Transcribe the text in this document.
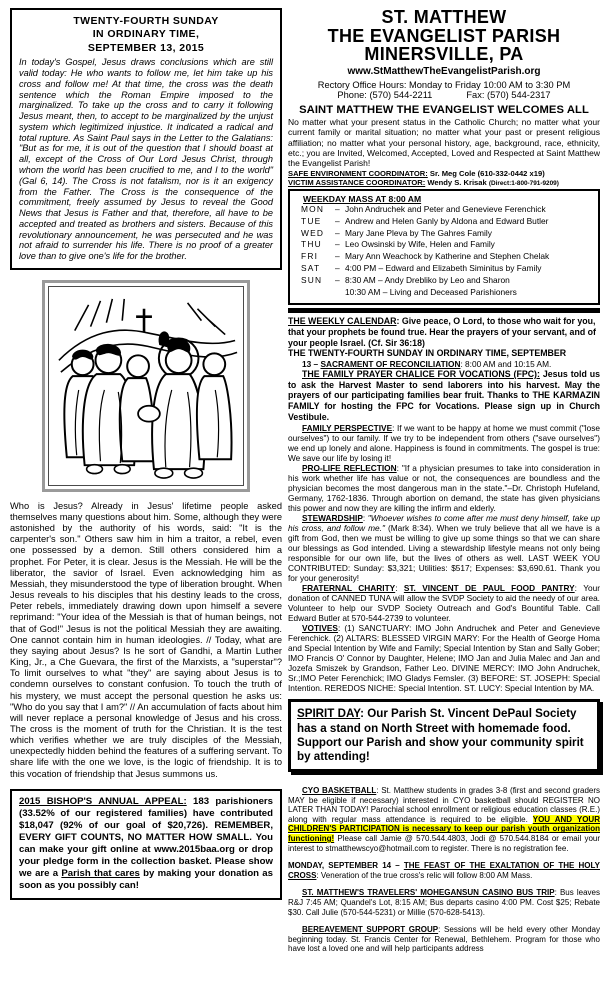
TWENTY-FOURTH SUNDAY
IN ORDINARY TIME,
SEPTEMBER 13, 2015
In today's Gospel, Jesus draws conclusions which are still valid today: He who wants to follow me, let him take up his cross and follow me! At that time, the cross was the death sentence which the Roman Empire imposed to the marginalized. To take up the cross and to carry it following Jesus meant, then, to accept to be marginalized by the unjust system which legitimized injustice. It indicated a radical and total rupture. As Saint Paul says in the Letter to the Galatians: "But as for me, it is out of the question that I should boast at all, except of the Cross of Our Lord Jesus Christ, through whom the world has been crucified to me, and I to the world" (Gal 6, 14). The Cross is not fatalism, nor is it an exigency from the Father. The Cross is the consequence of the commitment, freely assumed by Jesus to reveal the Good News that Jesus is Father and that, therefore, all have to be accepted and treated as brothers and sisters. Because of this revolutionary announcement, he was persecuted and he was not afraid to surrender his life. There is no proof of a greater love than to give one's life for the brother.
Who is Jesus? Already in Jesus' lifetime people asked themselves many questions about him. Some, although they were astonished by the authority of his words, said: "It is the carpenter's son." Others saw him in him a traitor, a rebel, even one possessed by a demon. Still others considered him a prophet. For Peter, it is clear. Jesus is the Messiah. He will be the liberator, the savior of Israel. Even acknowledging him as Messiah, they misunderstood the type of liberation brought. When Jesus reveals to his disciples that his destiny leads to the cross, Peter rebels, immediately drawing down upon himself a severe reprimand: "Your idea of the Messiah is that of human beings, not that of God!" Jesus is not the political Messiah they are awaiting. One cannot contain him in human ideologies. // Today, what are they saying about Jesus? Is he sort of Gandhi, a Martin Luther King, Jr., a Che Guevara, the first of the Marxists, a "superstar"? To limit ourselves to what "they" are saying about Jesus is to condemn ourselves to constant confusion. To touch the truth of his mystery, we must accept the personal question he asks us: "Who do you say that I am?" // An accumulation of facts about him will never replace a personal knowledge of Jesus and his cross. The cross is the moment of truth for the Christian. It is the test which verifies whether we are truly disciples of the Messiah, unexpectedly hidden behind the features of a suffering servant. To share life with the one we love, is the logic of friendship. It is to this vocation of friendship that Jesus summons us.
2015 BISHOP'S ANNUAL APPEAL: 183 parishioners (33.52% of our registered families) have contributed $18,047 (92% of our goal of $20,726). REMEMBER, EVERY GIFT COUNTS, NO MATTER HOW SMALL. You can make your gift online at www.2015baa.org or drop your pledge form in the collection basket. Please show we are a Parish that cares by making your donation as soon as you possibly can!
ST. MATTHEW
THE EVANGELIST PARISH
MINERSVILLE, PA
www.StMatthewTheEvangelistParish.org
Rectory Office Hours: Monday to Friday 10:00 AM to 3:30 PM
Phone: (570) 544-2211	Fax: (570) 544-2317
SAINT MATTHEW THE EVANGELIST WELCOMES ALL
No matter what your present status in the Catholic Church; no matter what your current family or marital situation; no matter what your past or present religious affiliation; no matter what your personal history, age, background, race, ethnicity, etc.; you are Invited, Welcomed, Accepted, Loved and Respected at Saint Matthew the Evangelist Parish!
SAFE ENVIRONMENT COORDINATOR: Sr. Meg Cole (610-332-0442 x19)
VICTIM ASSISTANCE COORDINATOR: Wendy S. Krisak (Direct:1-800-791-9209)
WEEKDAY MASS AT 8:00 AM
MON	– John Andruchek and Peter and Genevieve Ferenchick
TUE	– Andrew and Helen Ganly by Aldona and Edward Butler
WED	– Mary Jane Pleva by The Gahres Family
THU	– Leo Owsinski by Wife, Helen and Family
FRI	– Mary Ann Weachock by Katherine and Stephen Chelak
SAT	– 4:00 PM – Edward and Elizabeth Siminitus by Family
SUN	– 8:30 AM – Andy Drebliko by Leo and Sharon
10:30 AM – Living and Deceased Parishioners
THE WEEKLY CALENDAR: Give peace, O Lord, to those who wait for you, that your prophets be found true. Hear the prayers of your servant, and of your people Israel. (Cf. Sir 36:18)
THE TWENTY-FOURTH SUNDAY IN ORDINARY TIME, SEPTEMBER
13 – SACRAMENT OF RECONCILIATION: 8:00 AM and 10:15 AM.
THE FAMILY PRAYER CHALICE FOR VOCATIONS (FPC): Jesus told us to ask the Harvest Master to send laborers into his harvest. May the prayers of our participating families bear fruit. Thanks to THE KARMAZIN FAMILY for hosting the FPC for Vocations. Please sign up in Church Vestibule.

FAMILY PERSPECTIVE: If we want to be happy at home we must commit ("lose ourselves") to our family. If we try to be independent from others ("save ourselves") we end up lonely and alone. Happiness is found in commitments. The gospel is true: We save our life by losing it!

PRO-LIFE REFLECTION: "If a physician presumes to take into consideration in his work whether life has value or not, the consequences are boundless and the physician becomes the most dangerous man in the state."–Dr. Christoph Hufeland, Germany, 1762-1836. Through abortion on demand, the state has given physicians this power and now they are killing the infirm and elderly.

STEWARDSHIP: "Whoever wishes to come after me must deny himself, take up his cross, and follow me." (Mark 8:34). When we truly believe that all we have is a gift from God, then we must be willing to give up some things so that we can share our blessings as God intended. Living a stewardship lifestyle means not only being responsible for our own life, but the lives of others as well. LAST WEEK YOU CONTRIBUTED: Sunday: $3,321; Utilities: $517; Expenses: $3,690.61. Thank you for your generosity!

FRATERNAL CHARITY: ST. VINCENT DE PAUL FOOD PANTRY: Your donation of CANNED TUNA will allow the SVDP Society to aid the needy of our area. Volunteer to help our SVDP Society Outreach and God's Bountiful Table. Call Edward Butler at 570-544-2739 to volunteer.

VOTIVES: (1) SANCTUARY: IMO John Andruchek and Peter and Genevieve Ferenchick. (2) ALTARS: BLESSED VIRGIN MARY: For the Health of George Homa and Special Intention by Wife and Family; Special Intention by Stan and Sally Gober; IMO Francis O' Connor by Daughter, Helene; IMO Jan and Julia Malec and Jan and Jozefa Smiszek by Grandson, Father Leo. DIVINE MERCY: IMO John Andruchek, Sr.;IMO Peter Ferenchick; IMO Gladys Femsler. (3) BEFORE: ST. JOSEPH: Special Intention. REREDOS NICHE: Special Intention. ST. LUCY: Special Intention by MA.

SPIRIT DAY: Our Parish St. Vincent DePaul Society has a stand on North Street with homemade food. Support our Parish and show your community spirit by attending!

CYO BASKETBALL: St. Matthew students in grades 3-8 (first and second graders MAY be eligible if necessary) interested in CYO basketball should REGISTER NO LATER THAN TODAY! Parochial school enrollment or religious education classes (R.E.) along with regular mass attendance is required to be eligible. YOU AND YOUR CHILDREN'S PARTICIPATION is necessary to keep our parish youth organization functioning! Please call Jamie @ 570.544.4803, Jodi @ 570.544.8184 or email your interest to stmatthewscyo@hotmail.com to register. There is no registration fee.

MONDAY, SEPTEMBER 14 – THE FEAST OF THE EXALTATION OF THE HOLY CROSS: Veneration of the true cross's relic will follow 8:00 AM Mass.

ST. MATTHEW'S TRAVELERS' MOHEGANSUN CASINO BUS TRIP: Bus leaves R&J 7:45 AM; Quandel's Lot, 8:15 AM; Bus departs casino 4:00 PM. Cost $25; Rebate $30. Call Julie (570-544-5231) or Millie (570-628-5413).

BEREAVEMENT SUPPORT GROUP: Sessions will be held every other Monday beginning today. St. Francis Center for Renewal, Bethlehem. Program for those who have lost a loved one and will help participants address
